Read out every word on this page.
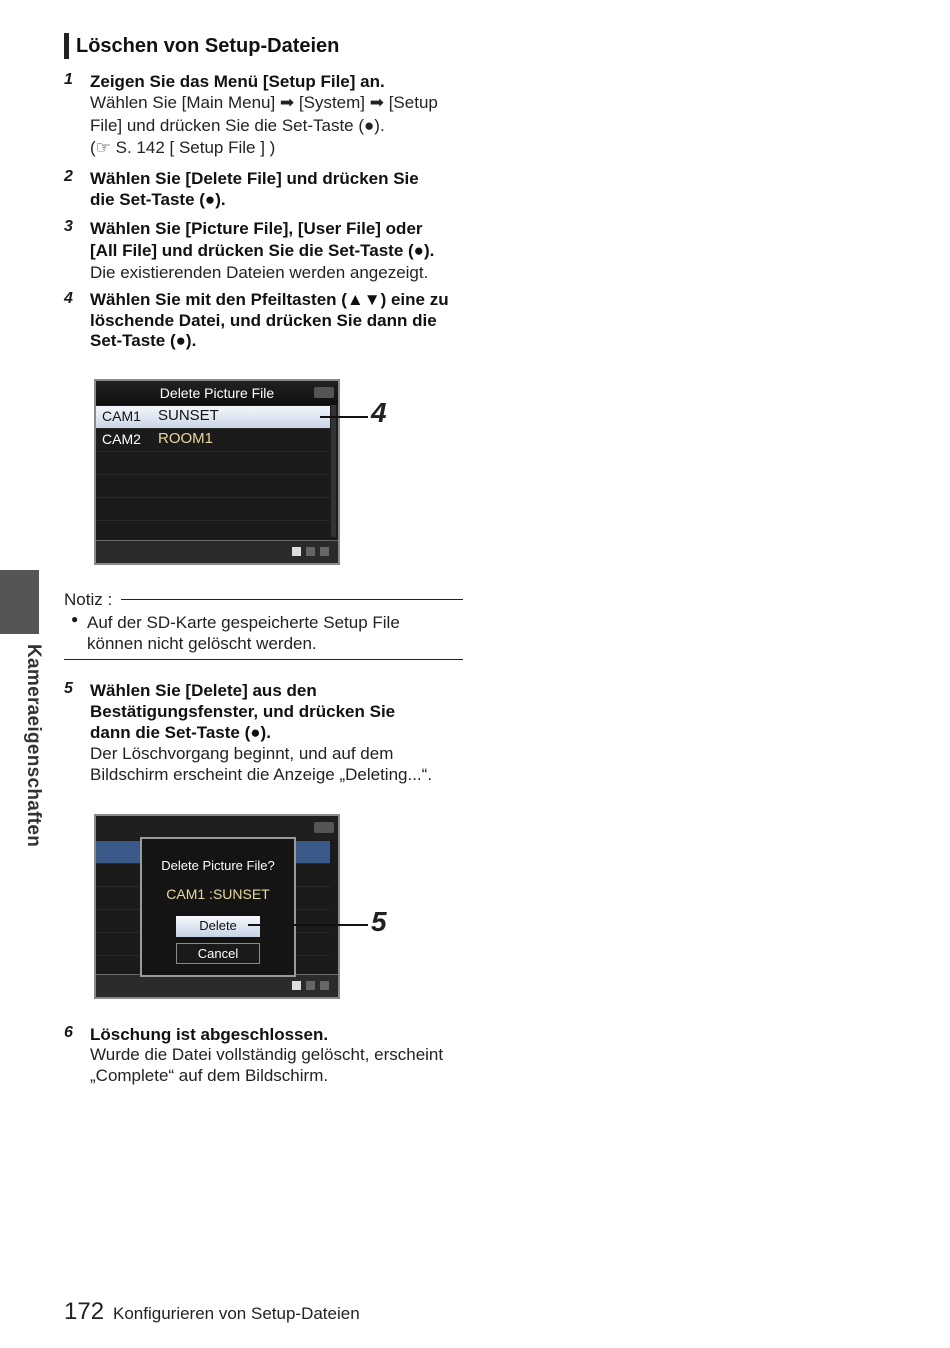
Kameraeigenschaften
Löschen von Setup-Dateien
1 Zeigen Sie das Menü [Setup File] an.
Wählen Sie [Main Menu] ➡ [System] ➡ [Setup
File] und drücken Sie die Set-Taste (●).
(☞ S. 142 [ Setup File ] )
2 Wählen Sie [Delete File] und drücken Sie
die Set-Taste (●).
3 Wählen Sie [Picture File], [User File] oder
[All File] und drücken Sie die Set-Taste (●).
Die existierenden Dateien werden angezeigt.
4 Wählen Sie mit den Pfeiltasten (▲▼) eine zu
löschende Datei, und drücken Sie dann die
Set-Taste (●).
Delete Picture File
CAM1 SUNSET
CAM2 ROOM1
4
Notiz :
● Auf der SD-Karte gespeicherte Setup File
können nicht gelöscht werden.
5 Wählen Sie [Delete] aus den
Bestätigungsfenster, und drücken Sie
dann die Set-Taste (●).
Der Löschvorgang beginnt, und auf dem
Bildschirm erscheint die Anzeige „Deleting...“.
Delete Picture File?
CAM1 :SUNSET
Delete
Cancel
5
6 Löschung ist abgeschlossen.
Wurde die Datei vollständig gelöscht, erscheint
„Complete“ auf dem Bildschirm.
172 Konfigurieren von Setup-Dateien
